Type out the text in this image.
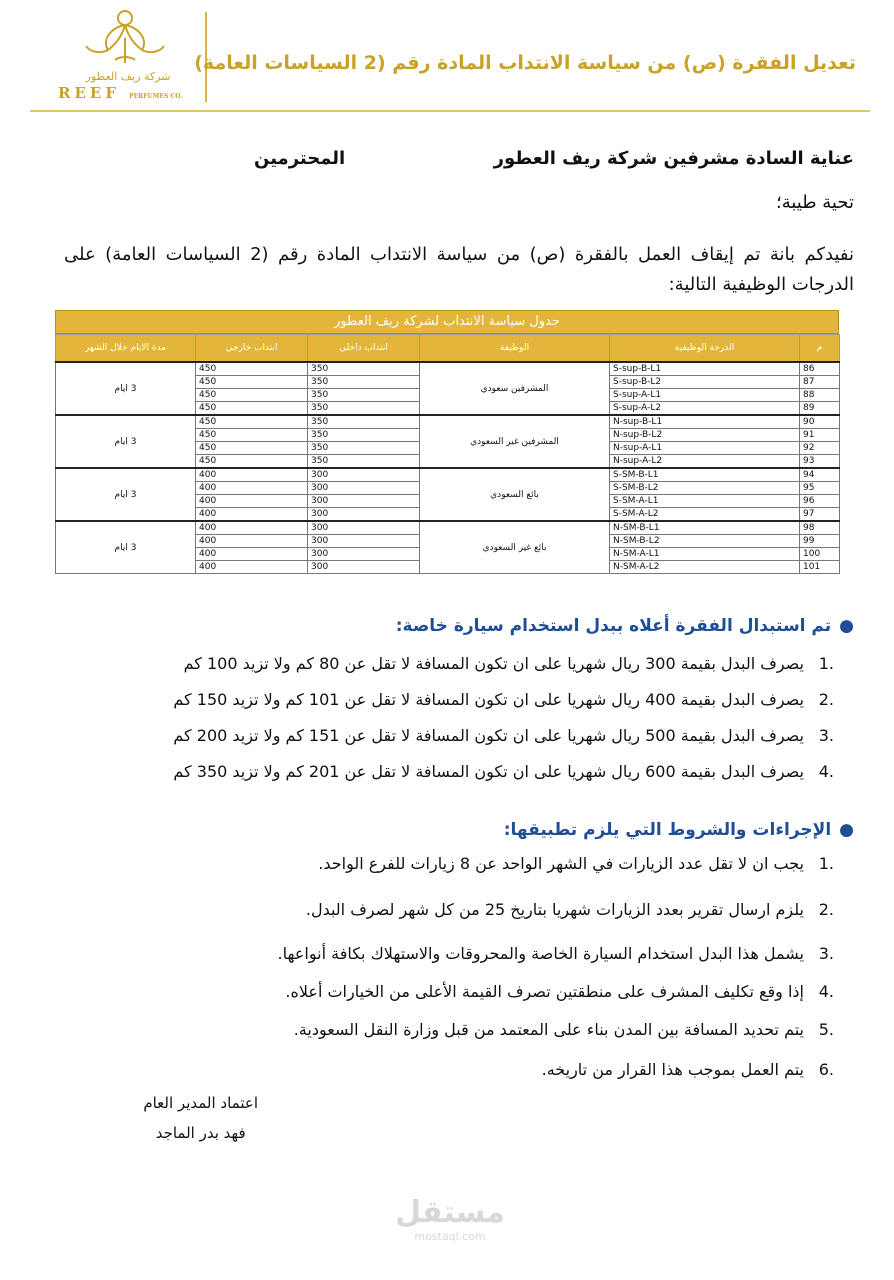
شركة ريف العطور
REEF PERFUMES CO.
تعديل الفقرة (ص) من سياسة الانتداب المادة رقم (2 السياسات العامة)
عناية السادة مشرفين شركة ريف العطور
المحترمين
تحية طيبة؛
نفيدكم بانة تم إيقاف العمل بالفقرة (ص) من سياسة الانتداب المادة رقم (2 السياسات العامة) على الدرجات الوظيفية التالية:
جدول سياسة الانتداب لشركة ريف العطور
م	الدرجة الوظيفية	الوظيفة	انتداب داخلي	انتداب خارجي	مدة الايام خلال الشهر
86	S-sup-B-L1	المشرفين سعودي	350	450	3 ايام
87	S-sup-B-L2		350	450	
88	S-sup-A-L1		350	450	
89	S-sup-A-L2		350	450	
90	N-sup-B-L1	المشرفين غير السعودي	350	450	3 ايام
91	N-sup-B-L2		350	450	
92	N-sup-A-L1		350	450	
93	N-sup-A-L2		350	450	
94	S-SM-B-L1	بائع السعودي	300	400	3 ايام
95	S-SM-B-L2		300	400	
96	S-SM-A-L1		300	400	
97	S-SM-A-L2		300	400	
98	N-SM-B-L1	بائع غير السعودي	300	400	3 ايام
99	N-SM-B-L2		300	400	
100	N-SM-A-L1		300	400	
101	N-SM-A-L2		300	400	
●تم استبدال الفقرة أعلاه ببدل استخدام سيارة خاصة:
.1يصرف البدل بقيمة 300 ريال شهريا على ان تكون المسافة لا تقل عن 80 كم ولا تزيد 100 كم
.2يصرف البدل بقيمة 400 ريال شهريا على ان تكون المسافة لا تقل عن 101 كم ولا تزيد 150 كم
.3يصرف البدل بقيمة 500 ريال شهريا على ان تكون المسافة لا تقل عن 151 كم ولا تزيد 200 كم
.4يصرف البدل بقيمة 600 ريال شهريا على ان تكون المسافة لا تقل عن 201 كم ولا تزيد 350 كم
●الإجراءات والشروط التي يلزم تطبيقها:
.1يجب ان لا تقل عدد الزيارات في الشهر الواحد عن 8 زيارات للفرع الواحد.
.2يلزم ارسال تقرير بعدد الزيارات شهريا بتاريخ 25 من كل شهر لصرف البدل.
.3يشمل هذا البدل استخدام السيارة الخاصة والمحروقات والاستهلاك بكافة أنواعها.
.4إذا وقع تكليف المشرف على منطقتين تصرف القيمة الأعلى من الخيارات أعلاه.
.5يتم تحديد المسافة بين المدن بناء على المعتمد من قبل وزارة النقل السعودية.
.6يتم العمل بموجب هذا القرار من تاريخه.
اعتماد المدير العام
فهد بدر الماجد
مستقل
mostaql.com
